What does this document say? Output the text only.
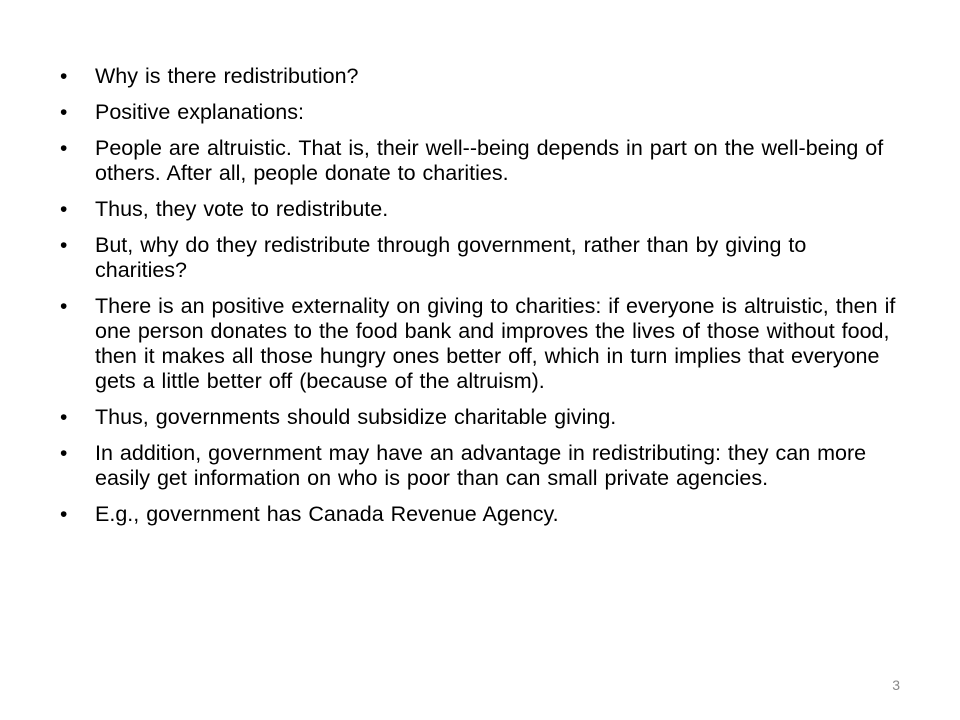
• Why is there redistribution?
• Positive explanations:
• People are altruistic. That is, their well‐-being depends in part on the well-being of others. After all, people donate to charities.
• Thus, they vote to redistribute.
• But, why do they redistribute through government, rather than by giving to charities?
• There is an positive externality on giving to charities: if everyone is altruistic, then if one person donates to the food bank and improves the lives of those without food, then it makes all those hungry ones better off, which in turn implies that everyone gets a little better off (because of the altruism).
• Thus, governments should subsidize charitable giving.
• In addition, government may have an advantage in redistributing: they can more easily get information on who is poor than can small private agencies.
• E.g., government has Canada Revenue Agency.
3
